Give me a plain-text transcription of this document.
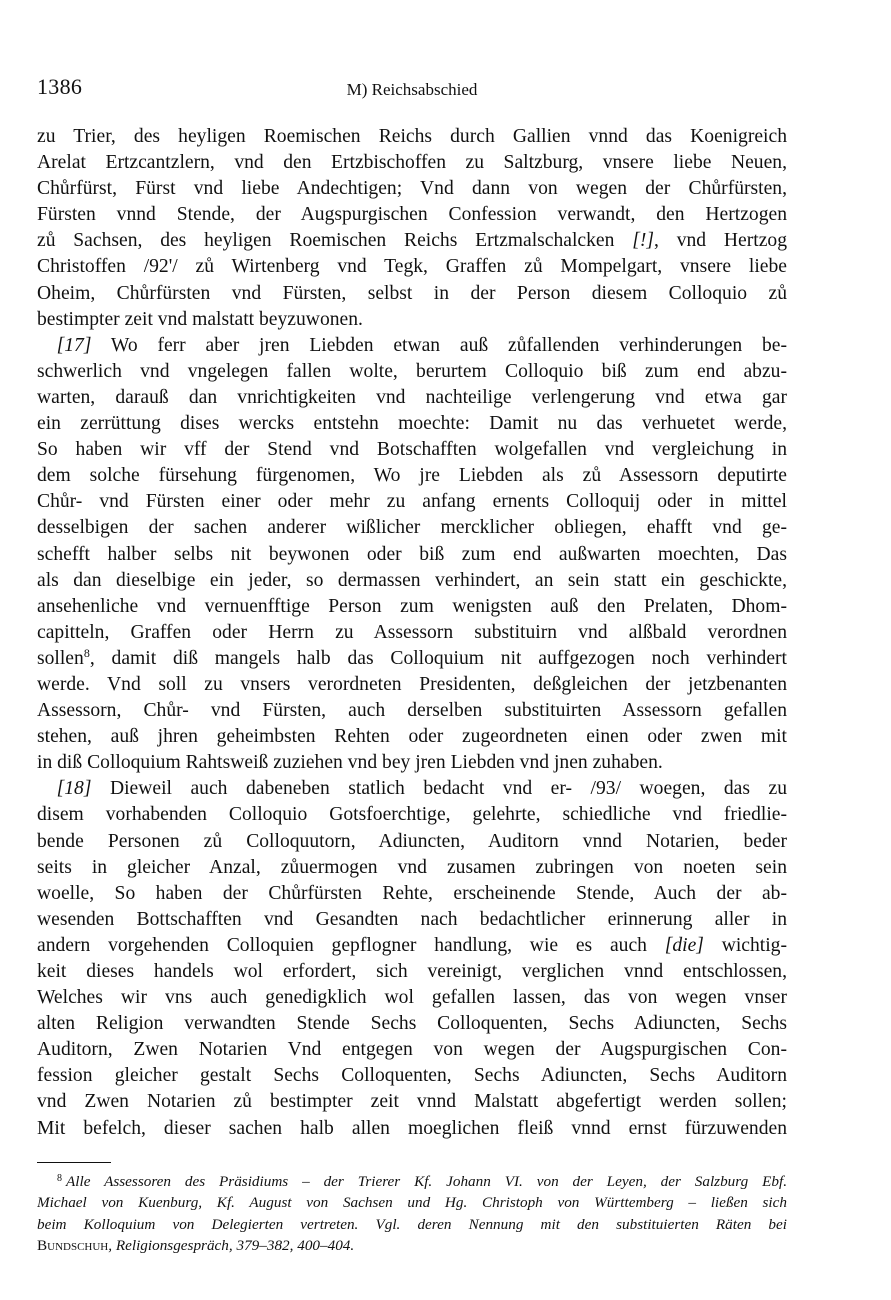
1386	M) Reichsabschied

zu Trier, des heyligen Roemischen Reichs durch Gallien vnnd das Koenigreich
Arelat Ertzcantzlern, vnd den Ertzbischoffen zu Saltzburg, vnsere liebe Neuen,
Chůrfürst, Fürst vnd liebe Andechtigen; Vnd dann von wegen der Chůrfürsten,
Fürsten vnnd Stende, der Augspurgischen Confession verwandt, den Hertzogen
zů Sachsen, des heyligen Roemischen Reichs Ertzmalschalcken [!], vnd Hertzog
Christoffen /92'/ zů Wirtenberg vnd Tegk, Graffen zů Mompelgart, vnsere liebe
Oheim, Chůrfürsten vnd Fürsten, selbst in der Person diesem Colloquio zů
bestimpter zeit vnd malstatt beyzuwonen.

  [17] Wo ferr aber jren Liebden etwan auß zůfallenden verhinderungen be-
schwerlich vnd vngelegen fallen wolte, berurtem Colloquio biß zum end abzu-
warten, darauß dan vnrichtigkeiten vnd nachteilige verlengerung vnd etwa gar
ein zerrüttung dises wercks entstehn moechte: Damit nu das verhuetet werde,
So haben wir vff der Stend vnd Botschafften wolgefallen vnd vergleichung in
dem solche fürsehung fürgenomen, Wo jre Liebden als zů Assessorn deputirte
Chůr- vnd Fürsten einer oder mehr zu anfang ernents Colloquij oder in mittel
desselbigen der sachen anderer wißlicher mercklicher obliegen, ehafft vnd ge-
schefft halber selbs nit beywonen oder biß zum end außwarten moechten, Das
als dan dieselbige ein jeder, so dermassen verhindert, an sein statt ein geschickte,
ansehenliche vnd vernuenfftige Person zum wenigsten auß den Prelaten, Dhom-
capitteln, Graffen oder Herrn zu Assessorn substituirn vnd alßbald verordnen
sollen$^8$, damit diß mangels halb das Colloquium nit auffgezogen noch verhindert
werde. Vnd soll zu vnsers verordneten Presidenten, deßgleichen der jetzbenanten
Assessorn, Chůr- vnd Fürsten, auch derselben substituirten Assessorn gefallen
stehen, auß jhren geheimbsten Rehten oder zugeordneten einen oder zwen mit
in diß Colloquium Rahtsweiß zuziehen vnd bey jren Liebden vnd jnen zuhaben.

  [18] Dieweil auch dabeneben statlich bedacht vnd er- /93/ woegen, das zu
disem vorhabenden Colloquio Gotsfoerchtige, gelehrte, schiedliche vnd friedlie-
bende Personen zů Colloquutorn, Adiuncten, Auditorn vnnd Notarien, beder
seits in gleicher Anzal, zůuermogen vnd zusamen zubringen von noeten sein
woelle, So haben der Chůrfürsten Rehte, erscheinende Stende, Auch der ab-
wesenden Bottschafften vnd Gesandten nach bedachtlicher erinnerung aller in
andern vorgehenden Colloquien gepflogner handlung, wie es auch [die] wichtig-
keit dieses handels wol erfordert, sich vereinigt, verglichen vnnd entschlossen,
Welches wir vns auch genedigklich wol gefallen lassen, das von wegen vnser
alten Religion verwandten Stende Sechs Colloquenten, Sechs Adiuncten, Sechs
Auditorn, Zwen Notarien Vnd entgegen von wegen der Augspurgischen Con-
fession gleicher gestalt Sechs Colloquenten, Sechs Adiuncten, Sechs Auditorn
vnd Zwen Notarien zů bestimpter zeit vnnd Malstatt abgefertigt werden sollen;
Mit befelch, dieser sachen halb allen moeglichen fleiß vnnd ernst fürzuwenden

$^8$ Alle Assessoren des Präsidiums – der Trierer Kf. Johann VI. von der Leyen, der Salzburg Ebf.
Michael von Kuenburg, Kf. August von Sachsen und Hg. Christoph von Württemberg – ließen sich
beim Kolloquium von Delegierten vertreten. Vgl. deren Nennung mit den substituierten Räten bei
Bundschuh, Religionsgespräch, 379–382, 400–404.
